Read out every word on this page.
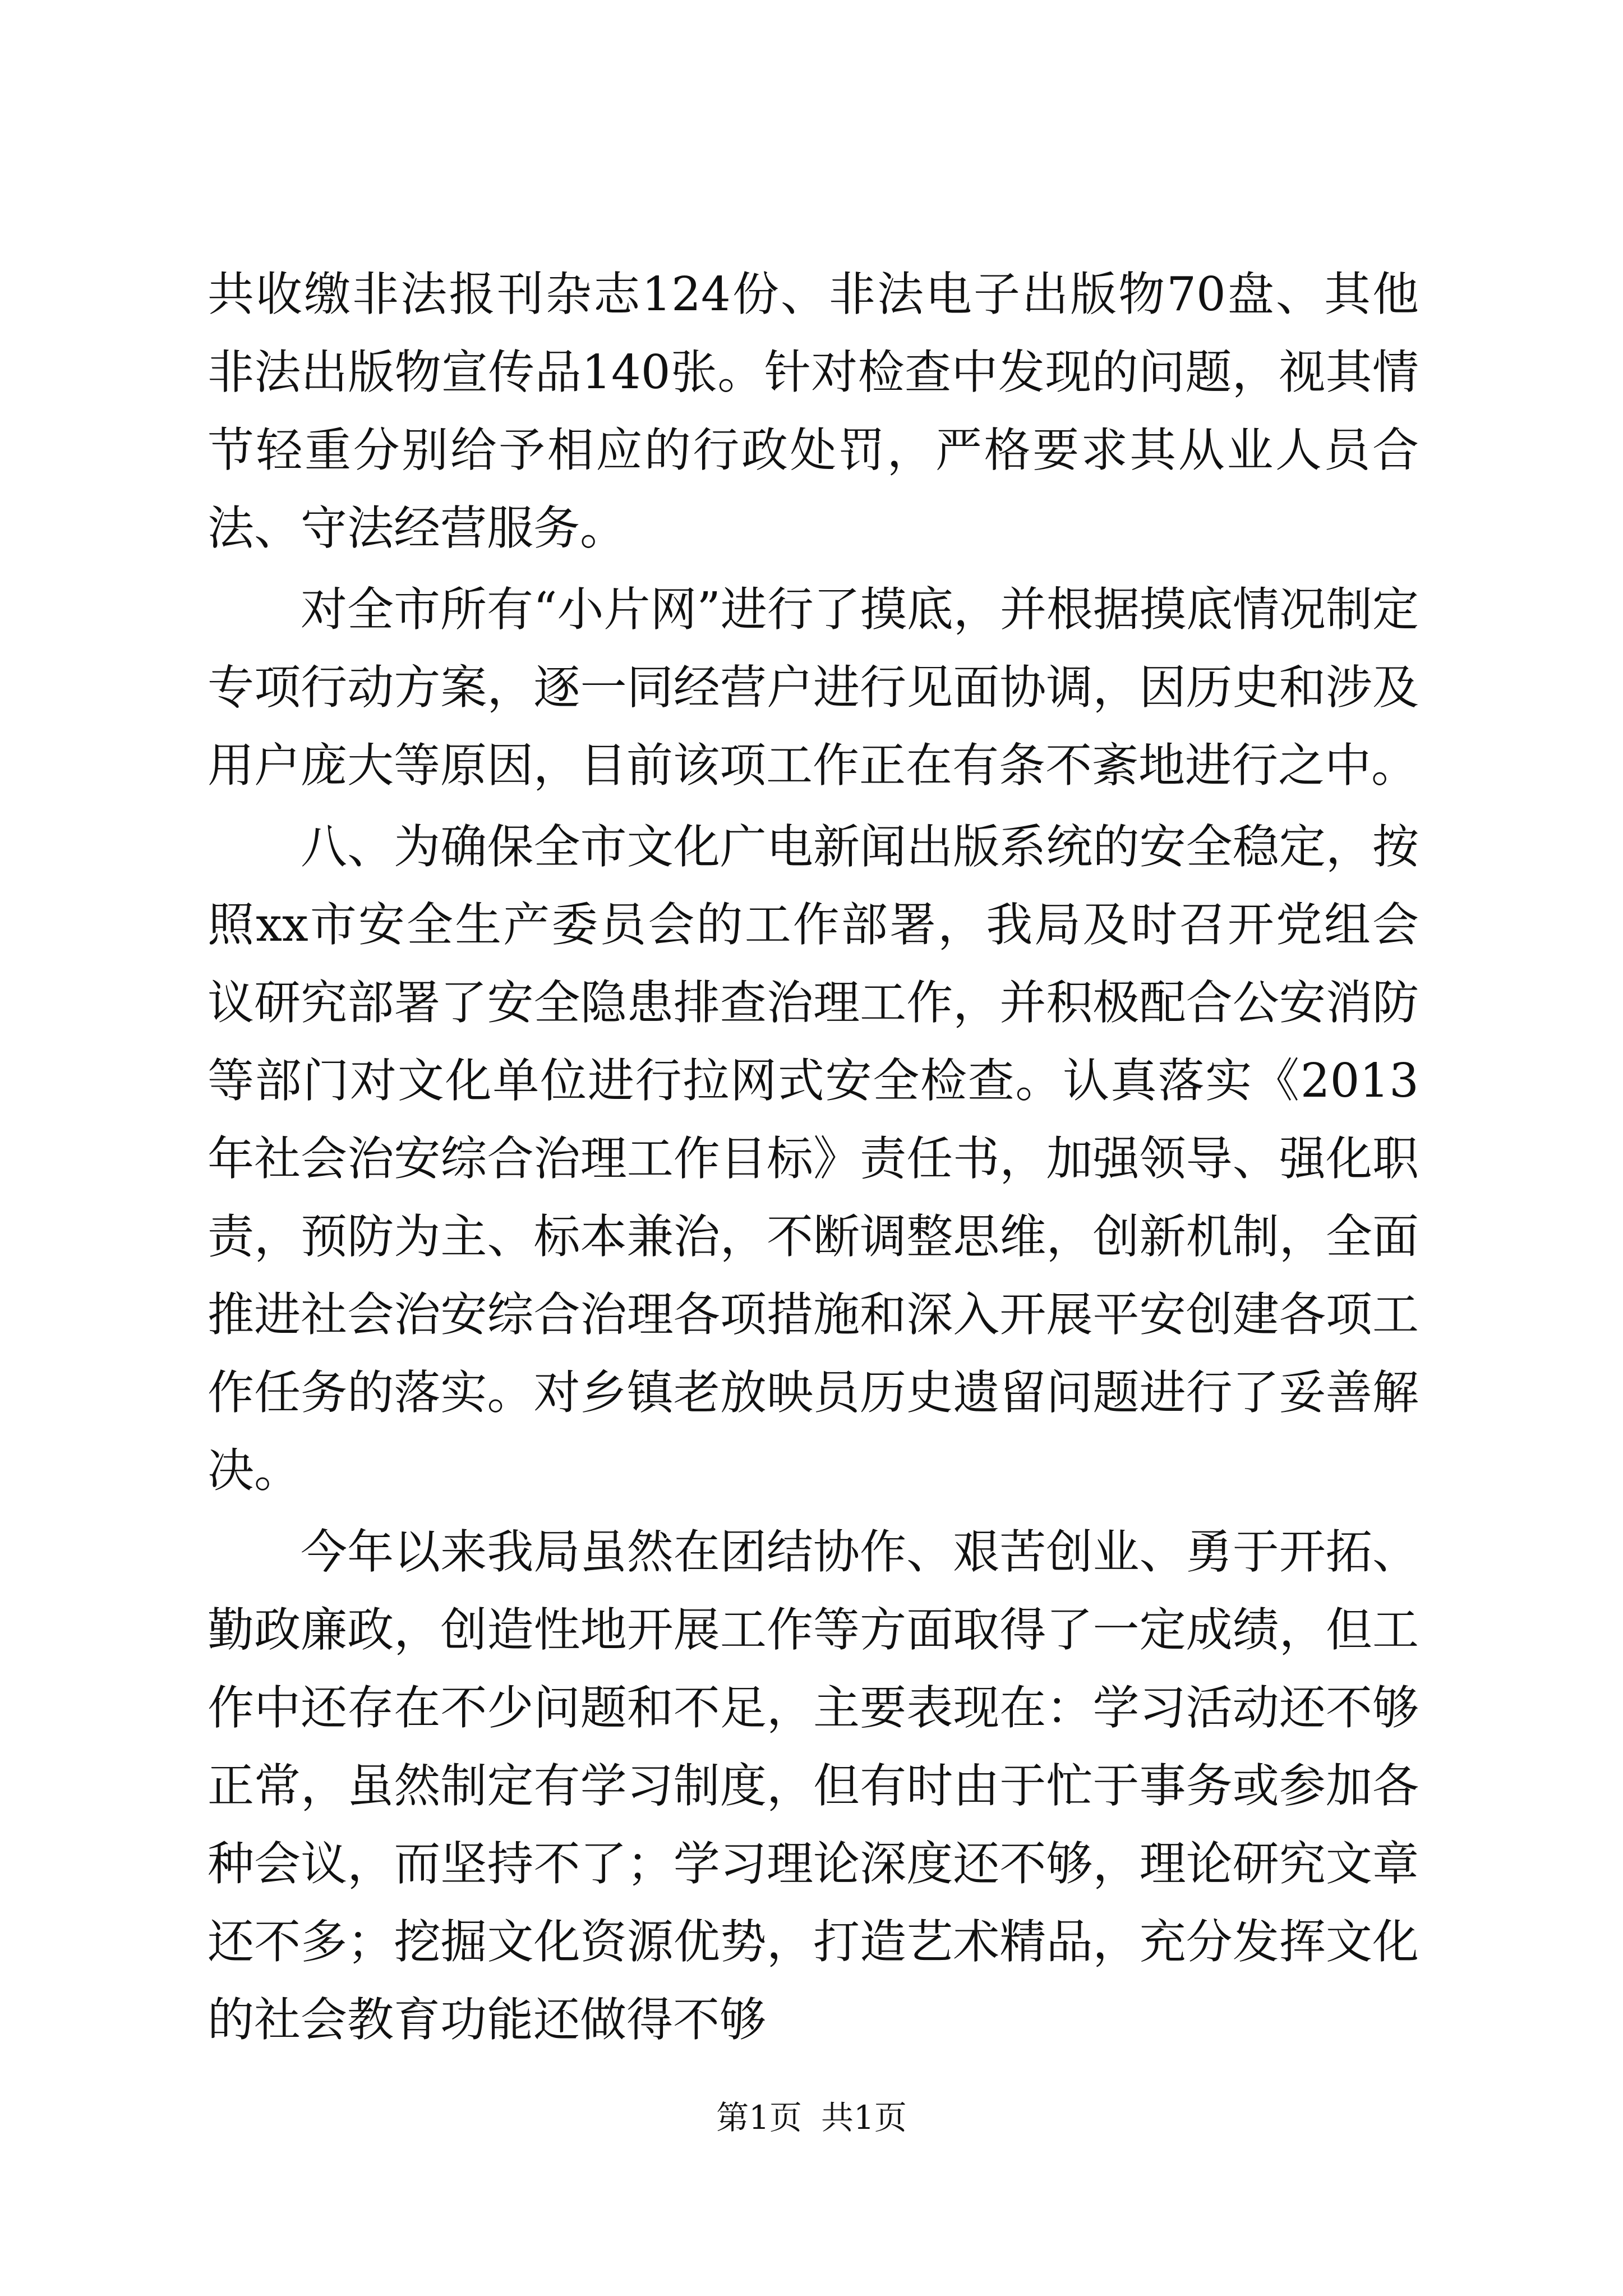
共收缴非法报刊杂志124份、非法电子出版物70盘、其他非法出版物宣传品140张。针对检查中发现的问题，视其情节轻重分别给予相应的行政处罚，严格要求其从业人员合法、守法经营服务。

对全市所有“小片网”进行了摸底，并根据摸底情况制定专项行动方案，逐一同经营户进行见面协调，因历史和涉及用户庞大等原因，目前该项工作正在有条不紊地进行之中。

八、为确保全市文化广电新闻出版系统的安全稳定，按照xx市安全生产委员会的工作部署，我局及时召开党组会议研究部署了安全隐患排查治理工作，并积极配合公安消防等部门对文化单位进行拉网式安全检查。认真落实《2013年社会治安综合治理工作目标》责任书，加强领导、强化职责，预防为主、标本兼治，不断调整思维，创新机制，全面推进社会治安综合治理各项措施和深入开展平安创建各项工作任务的落实。对乡镇老放映员历史遗留问题进行了妥善解决。

今年以来我局虽然在团结协作、艰苦创业、勇于开拓、勤政廉政，创造性地开展工作等方面取得了一定成绩，但工作中还存在不少问题和不足，主要表现在：学习活动还不够正常，虽然制定有学习制度，但有时由于忙于事务或参加各种会议，而坚持不了；学习理论深度还不够，理论研究文章还不多；挖掘文化资源优势，打造艺术精品，充分发挥文化的社会教育功能还做得不够

第1页 共1页
